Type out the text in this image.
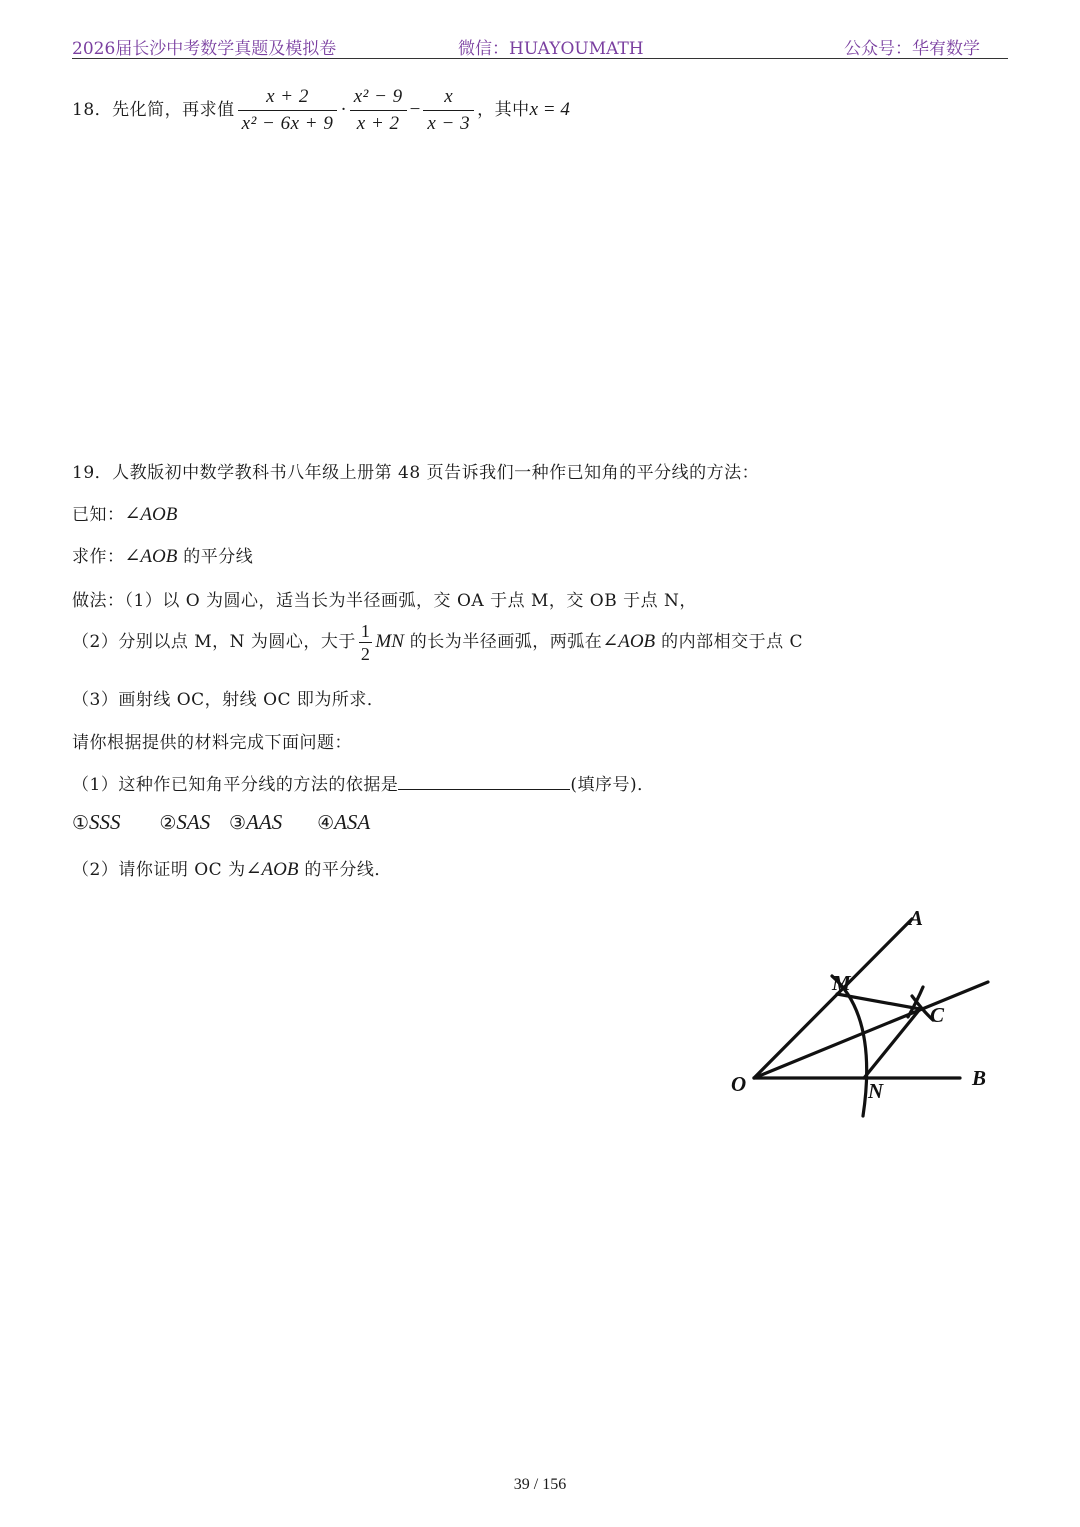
2026届长沙中考数学真题及模拟卷	微信：HUAYOUMATH	公众号：华宥数学
18．先化简，再求值 $\frac{x + 2}{\text{x² − 6x + 9}} \cdot \frac{\text{x² − 9}}{x + 2} - \frac{x}{x - 3}$ ，其中x = 4
19．人教版初中数学教科书八年级上册第 48 页告诉我们一种作已知角的平分线的方法：
已知：∠AOB
求作：∠AOB 的平分线
做法：（1）以 O 为圆心，适当长为半径画弧，交 OA 于点 M，交 OB 于点 N，
（2）分别以点 M，N 为圆心，大于 $\frac{1}{2}$ MN 的长为半径画弧，两弧在∠AOB 的内部相交于点 C
（3）画射线 OC，射线 OC 即为所求．
请你根据提供的材料完成下面问题：
（1）这种作已知角平分线的方法的依据是	(填序号)．
①SSS ②SAS ③AAS ④ASA
（2）请你证明 OC 为∠AOB 的平分线．
A
M
C
O	N
B
39 / 156
